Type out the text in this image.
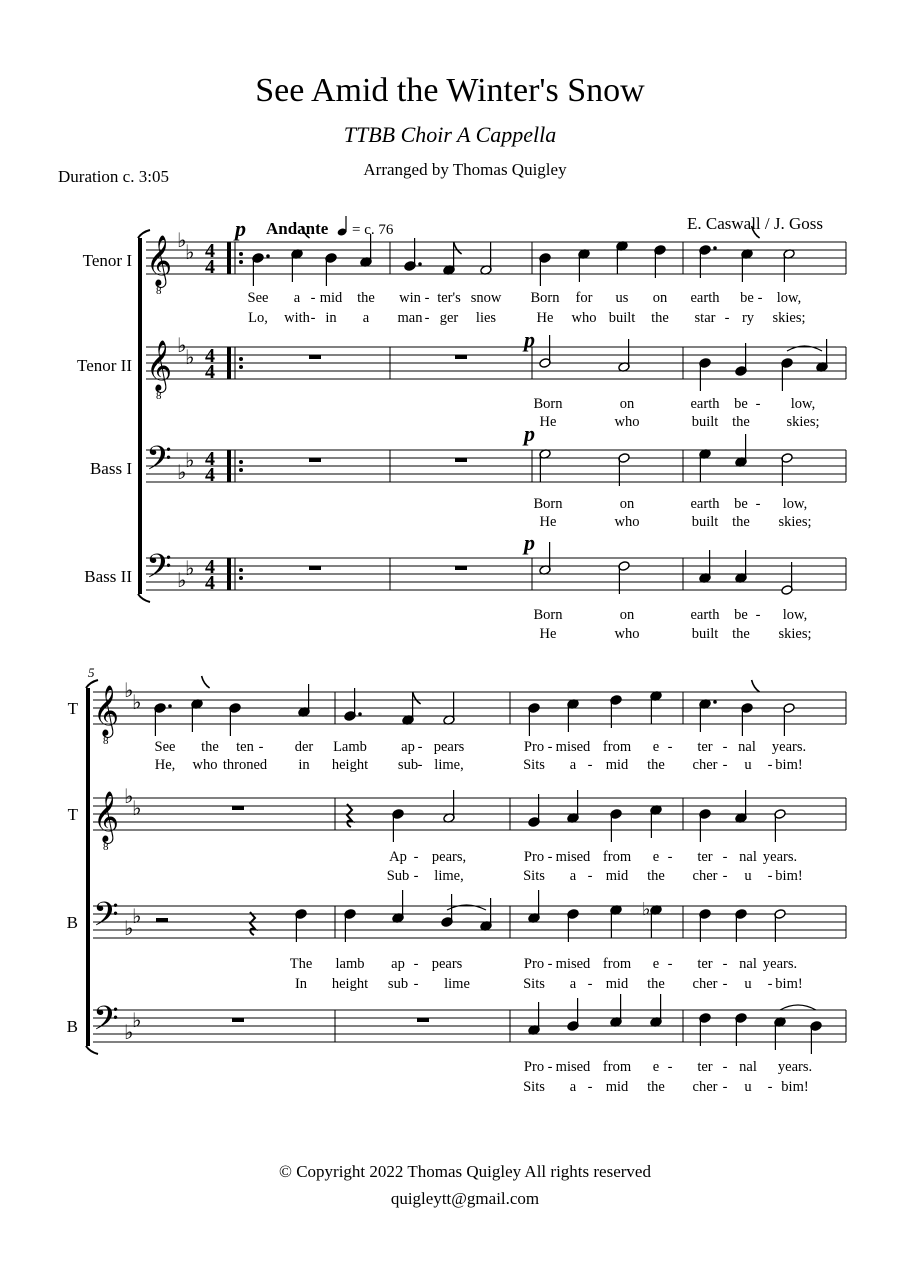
See Amid the Winter's Snow
TTBB Choir A Cappella
Arranged by Thomas Quigley
Duration c. 3:05
E. Caswall / J. Goss
Tenor I
Tenor II
Bass I
Bass II
T
T
B
B
𝄞
8
♭
♭ 4
4
𝄞
8
♭
♭ 4
4
𝄢 ♭
♭ 4
4
𝄢 ♭
♭ 4
4
p Andante = c. 76
p
p
p
5
𝄞
8
♭
♭
𝄞
8
♭
♭
𝄢 ♭
♭
𝄢 ♭
♭
♭
See a - mid the win - ter's snow Born for us on earth be - low,
Lo, with - in a man - ger lies	He who built the star - ry skies;
Born	on	earth be - low,
He	who	built the	skies;
Born	on	earth be - low,
He	who	built the skies;
Born	on	earth be - low,
He	who	built the skies;
See the ten - der Lamb ap - pears	Pro - mised from e - ter - nal years.
He, who throned in height sub - lime,	Sits a - mid the cher - u - bim!
Ap - pears,	Pro - mised from e - ter - nal years.
Sub - lime,	Sits a - mid the cher - u - bim!
The lamb ap - pears	Pro - mised from e - ter - nal years.
In height sub - lime	Sits a - mid the cher - u - bim!
Pro - mised from e - ter - nal years.
Sits a - mid the cher - u - bim!
© Copyright 2022 Thomas Quigley All rights reserved
quigleytt@gmail.com
